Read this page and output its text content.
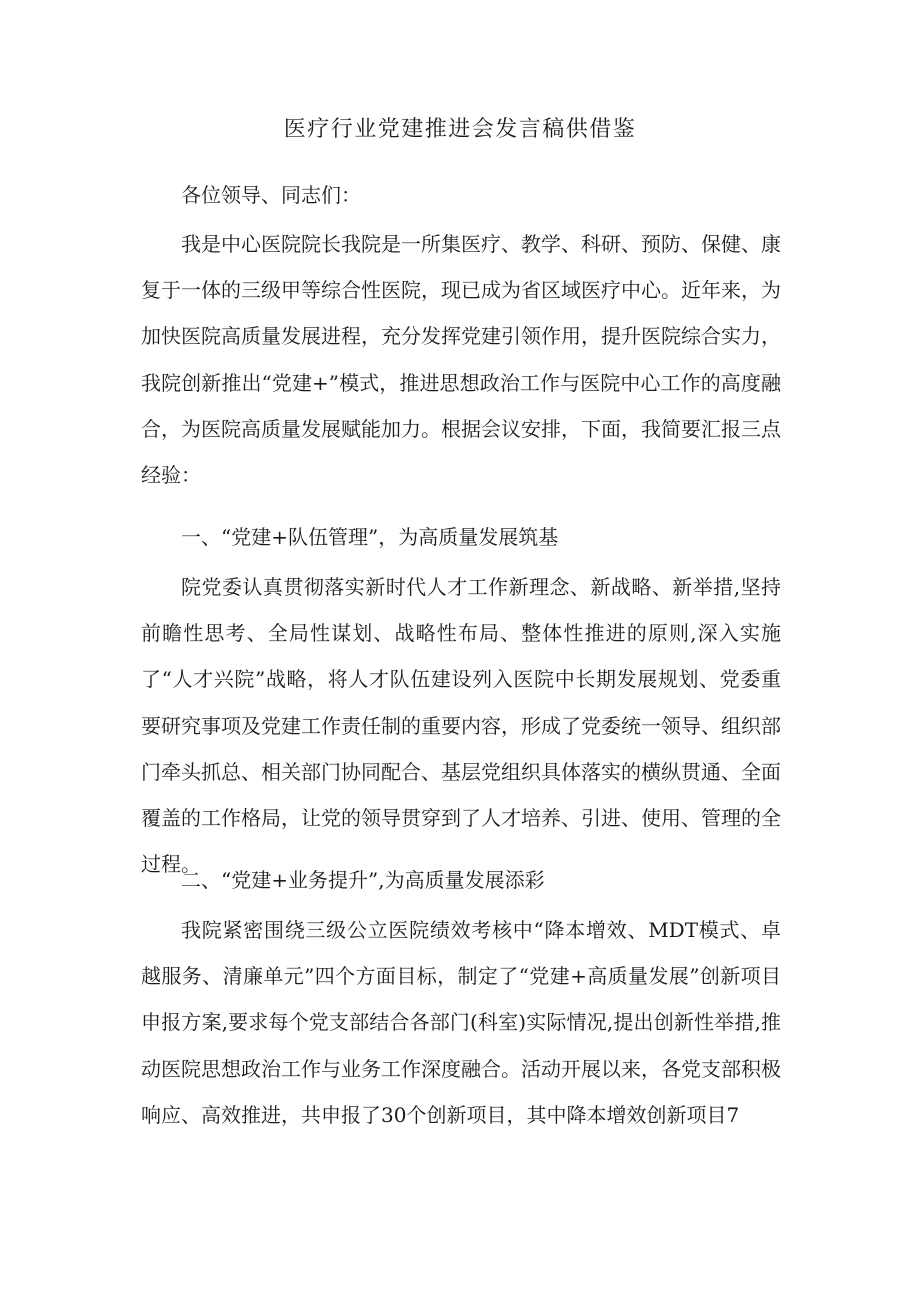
医疗行业党建推进会发言稿供借鉴

各位领导、同志们：

我是中心医院院长我院是一所集医疗、教学、科研、预防、保健、康复于一体的三级甲等综合性医院，现已成为省区域医疗中心。近年来，为加快医院高质量发展进程，充分发挥党建引领作用，提升医院综合实力，我院创新推出“党建+”模式，推进思想政治工作与医院中心工作的高度融合，为医院高质量发展赋能加力。根据会议安排，下面，我简要汇报三点经验：

一、“党建+队伍管理”，为高质量发展筑基

院党委认真贯彻落实新时代人才工作新理念、新战略、新举措,坚持前瞻性思考、全局性谋划、战略性布局、整体性推进的原则,深入实施了“人才兴院”战略，将人才队伍建设列入医院中长期发展规划、党委重要研究事项及党建工作责任制的重要内容，形成了党委统一领导、组织部门牵头抓总、相关部门协同配合、基层党组织具体落实的横纵贯通、全面覆盖的工作格局，让党的领导贯穿到了人才培养、引进、使用、管理的全过程。

二、“党建+业务提升”,为高质量发展添彩

我院紧密围绕三级公立医院绩效考核中“降本增效、MDT模式、卓越服务、清廉单元”四个方面目标，制定了“党建+高质量发展”创新项目申报方案,要求每个党支部结合各部门(科室)实际情况,提出创新性举措,推动医院思想政治工作与业务工作深度融合。活动开展以来，各党支部积极响应、高效推进，共申报了30个创新项目，其中降本增效创新项目7
